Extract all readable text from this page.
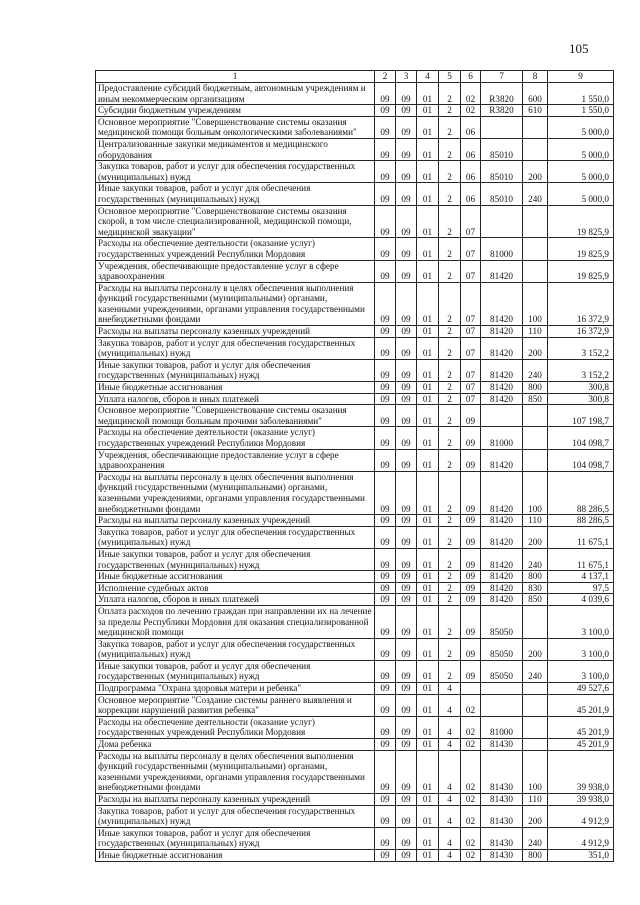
105
1	2	3	4	5	6	7	8	9
Предоставление субсидий бюджетным, автономным учреждениям и иным некоммерческим организациям	09	09	01	2	02	R3820	600	1 550,0
Субсидии бюджетным учреждениям	09	09	01	2	02	R3820	610	1 550,0
Основное мероприятие "Совершенствование системы оказания медицинской помощи больным онкологическими заболеваниями"	09	09	01	2	06			5 000,0
Централизованные закупки медикаментов и медицинского оборудования	09	09	01	2	06	85010		5 000,0
Закупка товаров, работ и услуг для обеспечения государственных (муниципальных) нужд	09	09	01	2	06	85010	200	5 000,0
Иные закупки товаров, работ и услуг для обеспечения государственных (муниципальных) нужд	09	09	01	2	06	85010	240	5 000,0
Основное мероприятие "Совершенствование системы оказания скорой, в том числе специализированной, медицинской помощи, медицинской эвакуации"	09	09	01	2	07			19 825,9
Расходы на обеспечение деятельности (оказание услуг) государственных учреждений Республики Мордовия	09	09	01	2	07	81000		19 825,9
Учреждения, обеспечивающие предоставление услуг в сфере здравоохранения	09	09	01	2	07	81420		19 825,9
Расходы на выплаты персоналу в целях обеспечения выполнения функций государственными (муниципальными) органами, казенными учреждениями, органами управления государственными внебюджетными фондами	09	09	01	2	07	81420	100	16 372,9
Расходы на выплаты персоналу казенных учреждений	09	09	01	2	07	81420	110	16 372,9
Закупка товаров, работ и услуг для обеспечения государственных (муниципальных) нужд	09	09	01	2	07	81420	200	3 152,2
Иные закупки товаров, работ и услуг для обеспечения государственных (муниципальных) нужд	09	09	01	2	07	81420	240	3 152,2
Иные бюджетные ассигнования	09	09	01	2	07	81420	800	300,8
Уплата налогов, сборов и иных платежей	09	09	01	2	07	81420	850	300,8
Основное мероприятие "Совершенствование системы оказания медицинской помощи больным прочими заболеваниями"	09	09	01	2	09			107 198,7
Расходы на обеспечение деятельности (оказание услуг) государственных учреждений Республики Мордовия	09	09	01	2	09	81000		104 098,7
Учреждения, обеспечивающие предоставление услуг в сфере здравоохранения	09	09	01	2	09	81420		104 098,7
Расходы на выплаты персоналу в целях обеспечения выполнения функций государственными (муниципальными) органами, казенными учреждениями, органами управления государственными внебюджетными фондами	09	09	01	2	09	81420	100	88 286,5
Расходы на выплаты персоналу казенных учреждений	09	09	01	2	09	81420	110	88 286,5
Закупка товаров, работ и услуг для обеспечения государственных (муниципальных) нужд	09	09	01	2	09	81420	200	11 675,1
Иные закупки товаров, работ и услуг для обеспечения государственных (муниципальных) нужд	09	09	01	2	09	81420	240	11 675,1
Иные бюджетные ассигнования	09	09	01	2	09	81420	800	4 137,1
Исполнение судебных актов	09	09	01	2	09	81420	830	97,5
Уплата налогов, сборов и иных платежей	09	09	01	2	09	81420	850	4 039,6
Оплата расходов по лечению граждан при направлении их на лечение за пределы Республики Мордовия для оказания специализированной медицинской помощи	09	09	01	2	09	85050		3 100,0
Закупка товаров, работ и услуг для обеспечения государственных (муниципальных) нужд	09	09	01	2	09	85050	200	3 100,0
Иные закупки товаров, работ и услуг для обеспечения государственных (муниципальных) нужд	09	09	01	2	09	85050	240	3 100,0
Подпрограмма "Охрана здоровья матери и ребенка"	09	09	01	4				49 527,6
Основное мероприятие "Создание системы раннего выявления и коррекции нарушений развития ребенка"	09	09	01	4	02			45 201,9
Расходы на обеспечение деятельности (оказание услуг) государственных учреждений Республики Мордовия	09	09	01	4	02	81000		45 201,9
Дома ребенка	09	09	01	4	02	81430		45 201,9
Расходы на выплаты персоналу в целях обеспечения выполнения функций государственными (муниципальными) органами, казенными учреждениями, органами управления государственными внебюджетными фондами	09	09	01	4	02	81430	100	39 938,0
Расходы на выплаты персоналу казенных учреждений	09	09	01	4	02	81430	110	39 938,0
Закупка товаров, работ и услуг для обеспечения государственных (муниципальных) нужд	09	09	01	4	02	81430	200	4 912,9
Иные закупки товаров, работ и услуг для обеспечения государственных (муниципальных) нужд	09	09	01	4	02	81430	240	4 912,9
Иные бюджетные ассигнования	09	09	01	4	02	81430	800	351,0
